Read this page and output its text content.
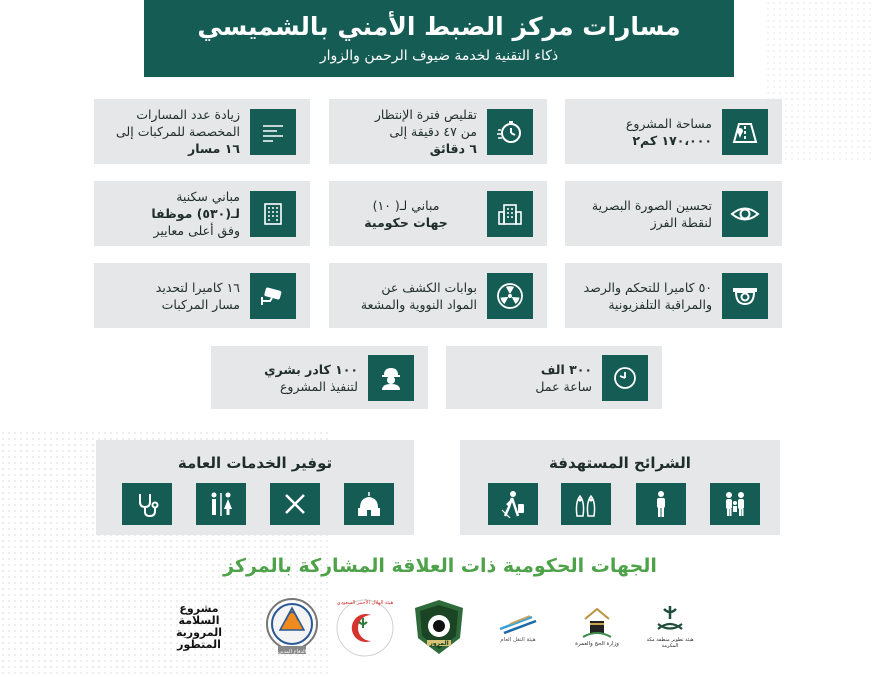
مسارات مركز الضبط الأمني بالشميسي

ذكاء التقنية لخدمة ضيوف الرحمن والزوار

مساحة المشروع
١٧٠،٠٠٠ كم٢
تقليص فترة الإنتظار
من ٤٧ دقيقة إلى
٦ دقائق
زيادة عدد المسارات
المخصصة للمركبات إلى
١٦ مسار
تحسين الصورة البصرية
لنقطة الفرز
مباني لـ( ١٠)
جهات حكومية
مباني سكنية
لـ(٥٣٠) موظفا
وفق أعلى معايير
٥٠ كاميرا للتحكم والرصد
والمراقبة التلفزيونية
بوابات الكشف عن
المواد النووية والمشعة
١٦ كاميرا لتحديد
مسار المركبات
٣٠٠ الف
ساعة عمل
١٠٠ كادر بشري
لتنفيذ المشروع
الشرائح المستهدفة
توفير الخدمات العامة
الجهات الحكومية ذات العلاقة المشاركة بالمركز
هيئة تطوير منطقة مكة المكرمة
وزارة الحج والعمرة
هيئة النقل العام
المرور
هيئة الهلال الأحمر السعودي
الدفاع المدني
مشروع السلامة المرورية المتطور
